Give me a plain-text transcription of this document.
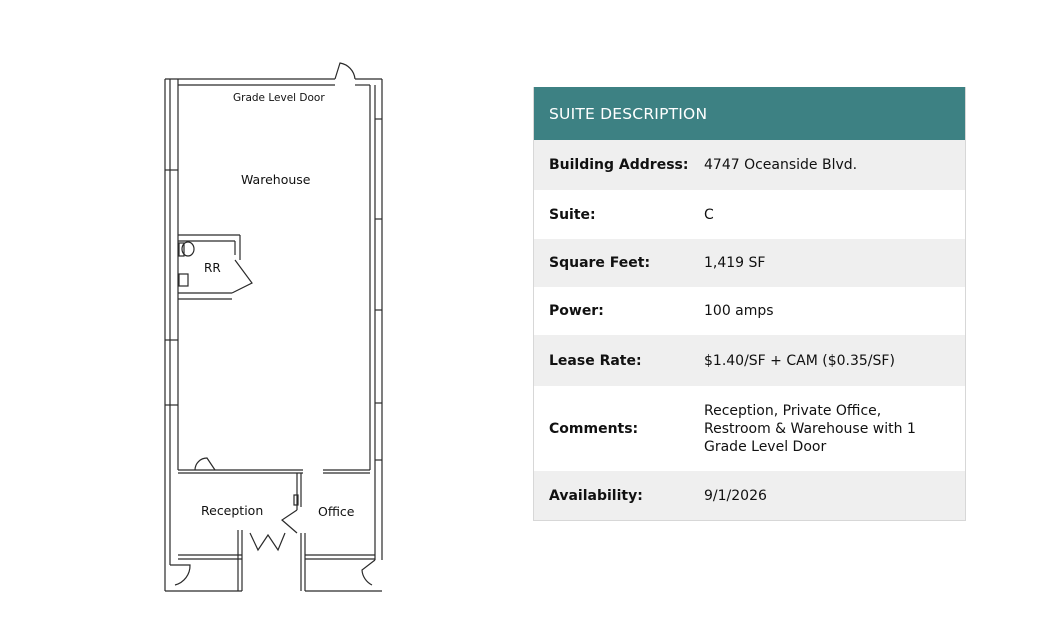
Grade Level Door
Warehouse
RR
Reception	Office
SUITE DESCRIPTION
Building Address:	4747 Oceanside Blvd.
Suite:	C
Square Feet:	1,419 SF
Power:	100 amps
Lease Rate:	$1.40/SF + CAM ($0.35/SF)
Comments:
Reception, Private Office, Restroom & Warehouse with 1 Grade Level Door
Availability:	9/1/2026
